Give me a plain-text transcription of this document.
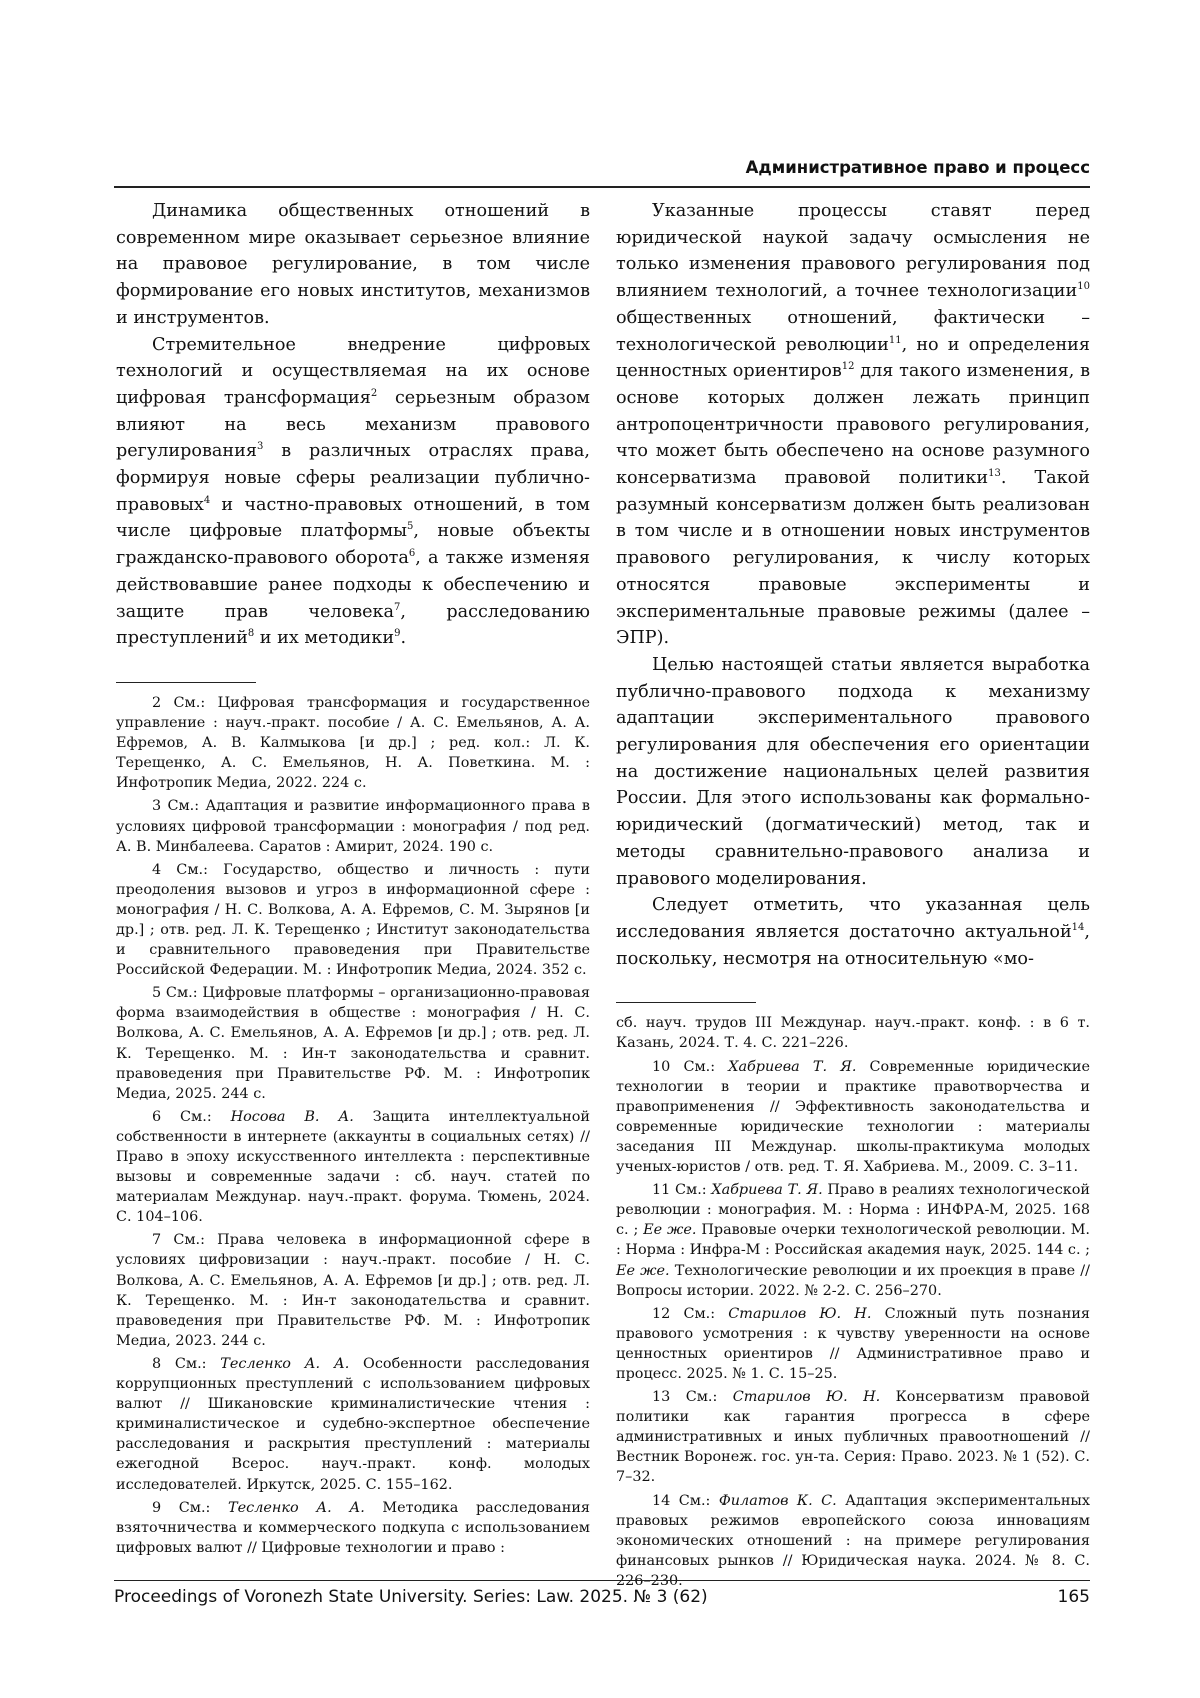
Административное право и процесс

Динамика общественных отношений в современном мире оказывает серьезное влияние на правовое регулирование, в том числе формирование его новых институтов, механизмов и инструментов.

Стремительное внедрение цифровых технологий и осуществляемая на их основе цифровая трансформация$^2$ серьезным образом влияют на весь механизм правового регулирования$^3$ в различных отраслях права, формируя новые сферы реализации публично-правовых$^4$ и частно-правовых отношений, в том числе цифровые платформы$^5$, новые объекты гражданско-правового оборота$^6$, а также изменяя действовавшие ранее подходы к обеспечению и защите прав человека$^7$, расследованию преступлений$^8$ и их методики$^9$.

2 См.: Цифровая трансформация и государственное управление : науч.-практ. пособие / А. С. Емельянов, А. А. Ефремов, А. В. Калмыкова [и др.] ; ред. кол.: Л. К. Терещенко, А. С. Емельянов, Н. А. Поветкина. М. : Инфотропик Медиа, 2022. 224 с.

3 См.: Адаптация и развитие информационного права в условиях цифровой трансформации : монография / под ред. А. В. Минбалеева. Саратов : Амирит, 2024. 190 с.

4 См.: Государство, общество и личность : пути преодоления вызовов и угроз в информационной сфере : монография / Н. С. Волкова, А. А. Ефремов, С. М. Зырянов [и др.] ; отв. ред. Л. К. Терещенко ; Институт законодательства и сравнительного правоведения при Правительстве Российской Федерации. М. : Инфотропик Медиа, 2024. 352 с.

5 См.: Цифровые платформы – организационно-правовая форма взаимодействия в обществе : монография / Н. С. Волкова, А. С. Емельянов, А. А. Ефремов [и др.] ; отв. ред. Л. К. Терещенко. М. : Ин-т законодательства и сравнит. правоведения при Правительстве РФ. М. : Инфотропик Медиа, 2025. 244 с.

6 См.: Носова В. А. Защита интеллектуальной собственности в интернете (аккаунты в социальных сетях) // Право в эпоху искусственного интеллекта : перспективные вызовы и современные задачи : сб. науч. статей по материалам Междунар. науч.-практ. форума. Тюмень, 2024. С. 104–106.

7 См.: Права человека в информационной сфере в условиях цифровизации : науч.-практ. пособие / Н. С. Волкова, А. С. Емельянов, А. А. Ефремов [и др.] ; отв. ред. Л. К. Терещенко. М. : Ин-т законодательства и сравнит. правоведения при Правительстве РФ. М. : Инфотропик Медиа, 2023. 244 с.

8 См.: Тесленко А. А. Особенности расследования коррупционных преступлений с использованием цифровых валют // Шикановские криминалистические чтения : криминалистическое и судебно-экспертное обеспечение расследования и раскрытия преступлений : материалы ежегодной Всерос. науч.-практ. конф. молодых исследователей. Иркутск, 2025. С. 155–162.

9 См.: Тесленко А. А. Методика расследования взяточничества и коммерческого подкупа с использованием цифровых валют // Цифровые технологии и право :

Указанные процессы ставят перед юридической наукой задачу осмысления не только изменения правового регулирования под влиянием технологий, а точнее технологизации$^{10}$ общественных отношений, фактически – технологической революции$^{11}$, но и определения ценностных ориентиров$^{12}$ для такого изменения, в основе которых должен лежать принцип антропоцентричности правового регулирования, что может быть обеспечено на основе разумного консерватизма правовой политики$^{13}$. Такой разумный консерватизм должен быть реализован в том числе и в отношении новых инструментов правового регулирования, к числу которых относятся правовые эксперименты и экспериментальные правовые режимы (далее – ЭПР).

Целью настоящей статьи является выработка публично-правового подхода к механизму адаптации экспериментального правового регулирования для обеспечения его ориентации на достижение национальных целей развития России. Для этого использованы как формально-юридический (догматический) метод, так и методы сравнительно-правового анализа и правового моделирования.

Следует отметить, что указанная цель исследования является достаточно актуальной$^{14}$, поскольку, несмотря на относительную «мо-

сб. науч. трудов III Междунар. науч.-практ. конф. : в 6 т. Казань, 2024. Т. 4. С. 221–226.

10 См.: Хабриева Т. Я. Современные юридические технологии в теории и практике правотворчества и правоприменения // Эффективность законодательства и современные юридические технологии : материалы заседания III Междунар. школы-практикума молодых ученых-юристов / отв. ред. Т. Я. Хабриева. М., 2009. С. 3–11.

11 См.: Хабриева Т. Я. Право в реалиях технологической революции : монография. М. : Норма : ИНФРА-М, 2025. 168 с. ; Ее же. Правовые очерки технологической революции. М. : Норма : Инфра-М : Российская академия наук, 2025. 144 с. ; Ее же. Технологические революции и их проекция в праве // Вопросы истории. 2022. № 2-2. С. 256–270.

12 См.: Старилов Ю. Н. Сложный путь познания правового усмотрения : к чувству уверенности на основе ценностных ориентиров // Административное право и процесс. 2025. № 1. С. 15–25.

13 См.: Старилов Ю. Н. Консерватизм правовой политики как гарантия прогресса в сфере административных и иных публичных правоотношений // Вестник Воронеж. гос. ун-та. Серия: Право. 2023. № 1 (52). С. 7–32.

14 См.: Филатов К. С. Адаптация экспериментальных правовых режимов европейского союза инновациям экономических отношений : на примере регулирования финансовых рынков // Юридическая наука. 2024. № 8. С. 226–230.

Proceedings of Voronezh State University. Series: Law. 2025. № 3 (62)	165
